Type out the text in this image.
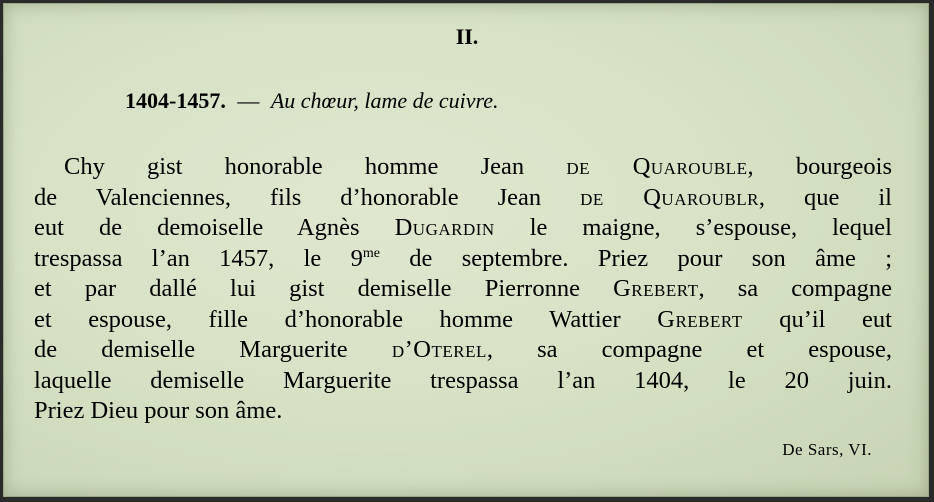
II.
1404-1457. — Au chœur, lame de cuivre.
Chy gist honorable homme Jean de Quarouble, bourgeois
de Valenciennes, fils d’honorable Jean de Quaroublr, que il
eut de demoiselle Agnès Dugardin le maigne, s’espouse, lequel
trespassa l’an 1457, le $9^{me}$ de septembre. Priez pour son âme ;
et par dallé lui gist demiselle Pierronne Grebert, sa compagne
et espouse, fille d’honorable homme Wattier Grebert qu’il eut
de demiselle Marguerite d’Oterel, sa compagne et espouse,
laquelle demiselle Marguerite trespassa l’an 1404, le 20 juin.
Priez Dieu pour son âme.
De Sars, VI.
